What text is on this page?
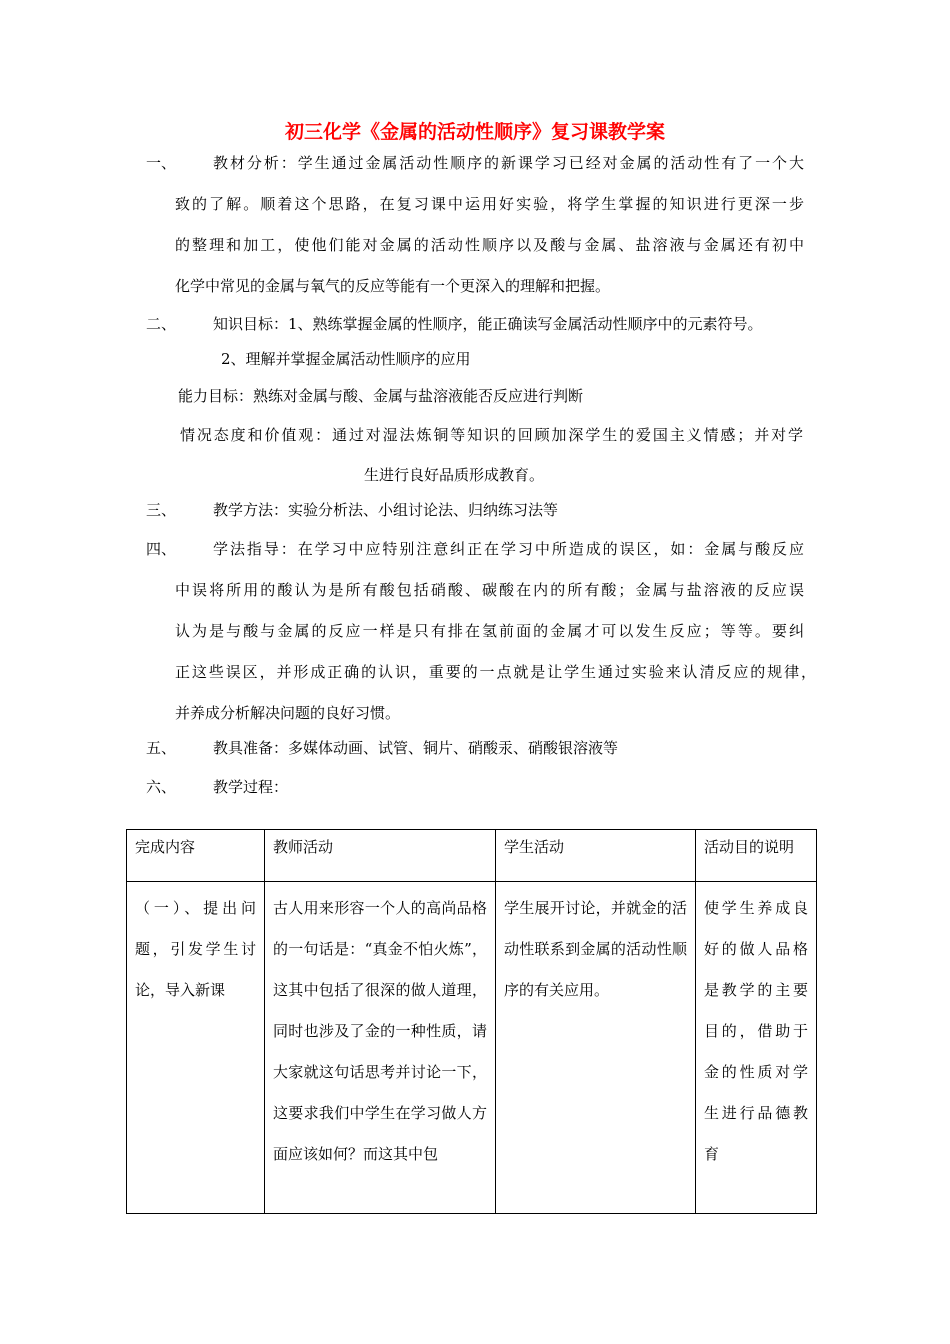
初三化学《金属的活动性顺序》复习课教学案
一、 教材分析：学生通过金属活动性顺序的新课学习已经对金属的活动性有了一个大
致的了解。顺着这个思路，在复习课中运用好实验，将学生掌握的知识进行更深一步
的整理和加工，使他们能对金属的活动性顺序以及酸与金属、盐溶液与金属还有初中
化学中常见的金属与氧气的反应等能有一个更深入的理解和把握。
二、 知识目标：1、熟练掌握金属的性顺序，能正确读写金属活动性顺序中的元素符号。
2、理解并掌握金属活动性顺序的应用
能力目标：熟练对金属与酸、金属与盐溶液能否反应进行判断
情况态度和价值观：通过对湿法炼铜等知识的回顾加深学生的爱国主义情感；并对学
生进行良好品质形成教育。
三、 教学方法：实验分析法、小组讨论法、归纳练习法等
四、 学法指导：在学习中应特别注意纠正在学习中所造成的误区，如：金属与酸反应
中误将所用的酸认为是所有酸包括硝酸、碳酸在内的所有酸；金属与盐溶液的反应误
认为是与酸与金属的反应一样是只有排在氢前面的金属才可以发生反应；等等。要纠
正这些误区，并形成正确的认识，重要的一点就是让学生通过实验来认清反应的规律，
并养成分析解决问题的良好习惯。
五、 教具准备：多媒体动画、试管、铜片、硝酸汞、硝酸银溶液等
六、 教学过程：
完成内容	教师活动	学生活动	活动目的说明

（一）、提出问题，引发学生讨论，导入新课	古人用来形容一个人的高尚品格的一句话是：“真金不怕火炼”，这其中包括了很深的做人道理，同时也涉及了金的一种性质，请大家就这句话思考并讨论一下，这要求我们中学生在学习做人方面应该如何？而这其中包	学生展开讨论，并就金的活动性联系到金属的活动性顺序的有关应用。	使学生养成良好的做人品格是教学的主要目的，借助于金的性质对学生进行品德教育
